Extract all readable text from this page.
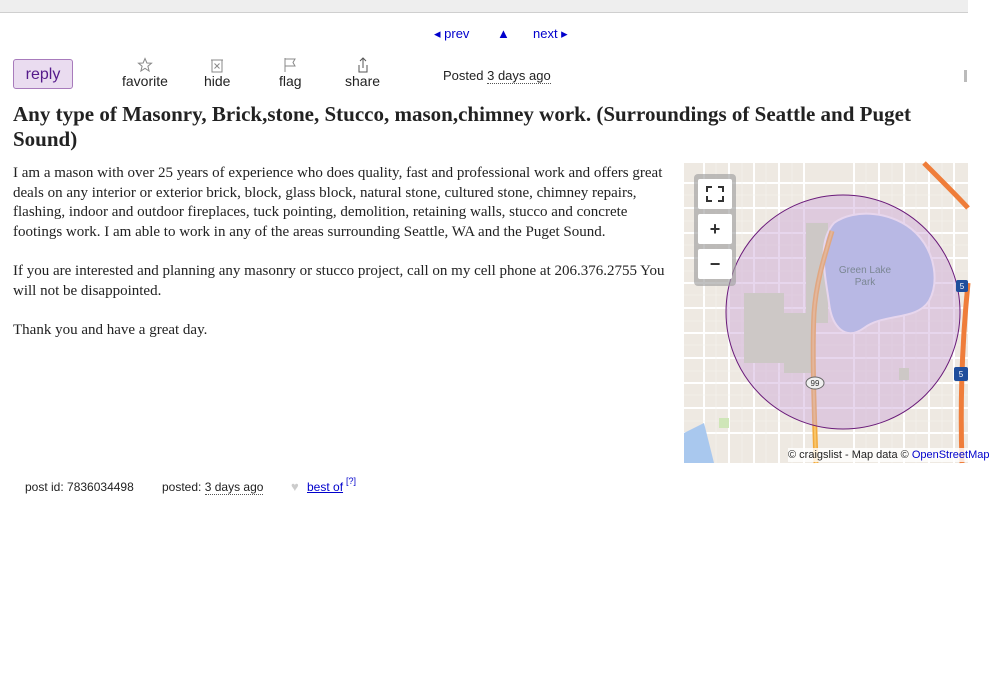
◂ prev ▲ next ▸
reply	favorite	hide	flag	share	Posted 3 days ago
Any type of Masonry, Brick,stone, Stucco, mason,chimney work. (Surroundings of Seattle and Puget
Sound)

I am a mason with over 25 years of experience who does quality, fast and professional work and offers great deals on any interior or exterior brick, block, glass block, natural stone, cultured stone, chimney repairs, flashing, indoor and outdoor fireplaces, tuck pointing, demolition, retaining walls, stucco and concrete footings work. I am able to work in any of the areas surrounding Seattle, WA and the Puget Sound.

If you are interested and planning any masonry or stucco project, call on my cell phone at 206.376.2755 You will not be disappointed.

Thank you and have a great day.

Green Lake
Park
99
5
5
+
−
© craigslist - Map data © OpenStreetMap
post id: 7836034498 posted: 3 days ago ♥ best of [?]
